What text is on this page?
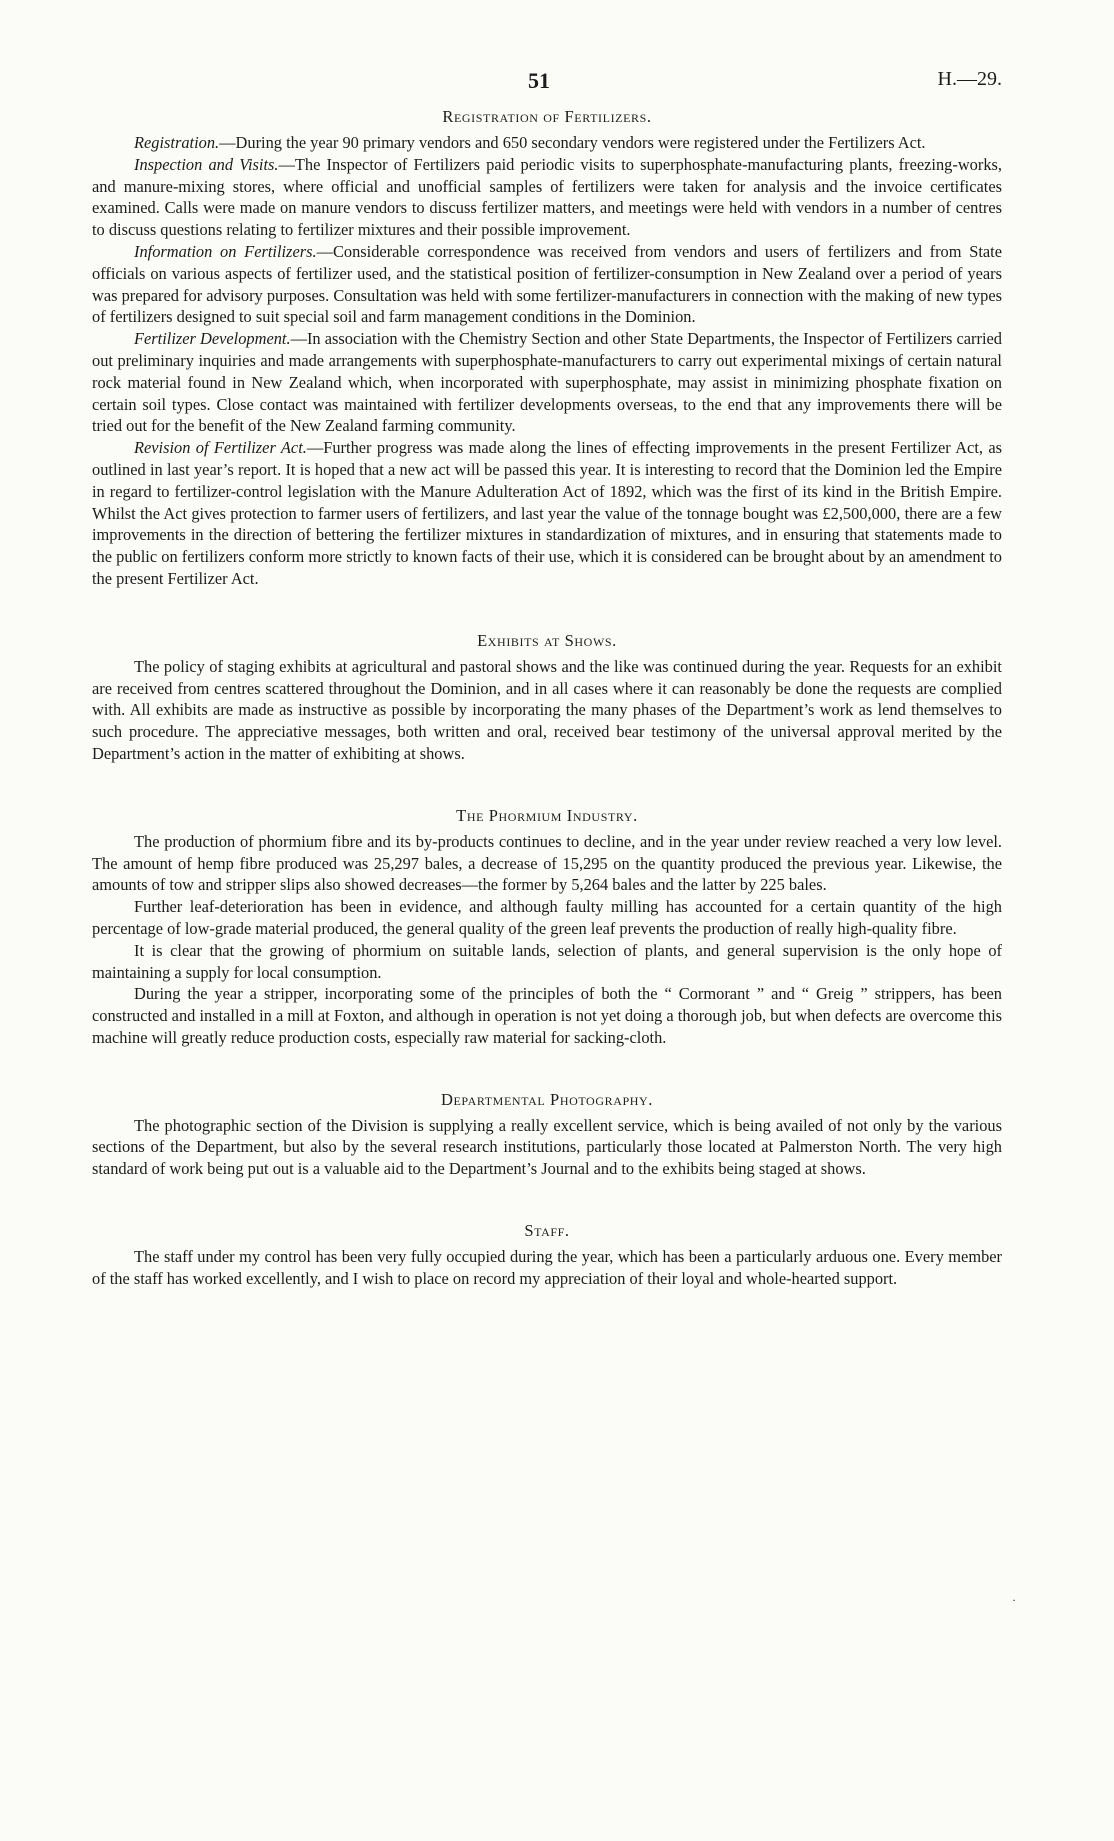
51	H.—29.
Registration of Fertilizers.

Registration.—During the year 90 primary vendors and 650 secondary vendors were registered under the Fertilizers Act.

Inspection and Visits.—The Inspector of Fertilizers paid periodic visits to superphosphate-manufacturing plants, freezing-works, and manure-mixing stores, where official and unofficial samples of fertilizers were taken for analysis and the invoice certificates examined. Calls were made on manure vendors to discuss fertilizer matters, and meetings were held with vendors in a number of centres to discuss questions relating to fertilizer mixtures and their possible improvement.

Information on Fertilizers.—Considerable correspondence was received from vendors and users of fertilizers and from State officials on various aspects of fertilizer used, and the statistical position of fertilizer-consumption in New Zealand over a period of years was prepared for advisory purposes. Consultation was held with some fertilizer-manufacturers in connection with the making of new types of fertilizers designed to suit special soil and farm management conditions in the Dominion.

Fertilizer Development.—In association with the Chemistry Section and other State Departments, the Inspector of Fertilizers carried out preliminary inquiries and made arrangements with superphosphate-manufacturers to carry out experimental mixings of certain natural rock material found in New Zealand which, when incorporated with superphosphate, may assist in minimizing phosphate fixation on certain soil types. Close contact was maintained with fertilizer developments overseas, to the end that any improvements there will be tried out for the benefit of the New Zealand farming community.

Revision of Fertilizer Act.—Further progress was made along the lines of effecting improvements in the present Fertilizer Act, as outlined in last year’s report. It is hoped that a new act will be passed this year. It is interesting to record that the Dominion led the Empire in regard to fertilizer-control legislation with the Manure Adulteration Act of 1892, which was the first of its kind in the British Empire. Whilst the Act gives protection to farmer users of fertilizers, and last year the value of the tonnage bought was £2,500,000, there are a few improvements in the direction of bettering the fertilizer mixtures in standardization of mixtures, and in ensuring that statements made to the public on fertilizers conform more strictly to known facts of their use, which it is considered can be brought about by an amendment to the present Fertilizer Act.

Exhibits at Shows.

The policy of staging exhibits at agricultural and pastoral shows and the like was continued during the year. Requests for an exhibit are received from centres scattered throughout the Dominion, and in all cases where it can reasonably be done the requests are complied with. All exhibits are made as instructive as possible by incorporating the many phases of the Department’s work as lend themselves to such procedure. The appreciative messages, both written and oral, received bear testimony of the universal approval merited by the Department’s action in the matter of exhibiting at shows.

The Phormium Industry.

The production of phormium fibre and its by-products continues to decline, and in the year under review reached a very low level. The amount of hemp fibre produced was 25,297 bales, a decrease of 15,295 on the quantity produced the previous year. Likewise, the amounts of tow and stripper slips also showed decreases—the former by 5,264 bales and the latter by 225 bales.

Further leaf-deterioration has been in evidence, and although faulty milling has accounted for a certain quantity of the high percentage of low-grade material produced, the general quality of the green leaf prevents the production of really high-quality fibre.

It is clear that the growing of phormium on suitable lands, selection of plants, and general supervision is the only hope of maintaining a supply for local consumption.

During the year a stripper, incorporating some of the principles of both the “ Cormorant ” and “ Greig ” strippers, has been constructed and installed in a mill at Foxton, and although in operation is not yet doing a thorough job, but when defects are overcome this machine will greatly reduce production costs, especially raw material for sacking-cloth.

Departmental Photography.

The photographic section of the Division is supplying a really excellent service, which is being availed of not only by the various sections of the Department, but also by the several research institutions, particularly those located at Palmerston North. The very high standard of work being put out is a valuable aid to the Department’s Journal and to the exhibits being staged at shows.

Staff.

The staff under my control has been very fully occupied during the year, which has been a particularly arduous one. Every member of the staff has worked excellently, and I wish to place on record my appreciation of their loyal and whole-hearted support.

·
